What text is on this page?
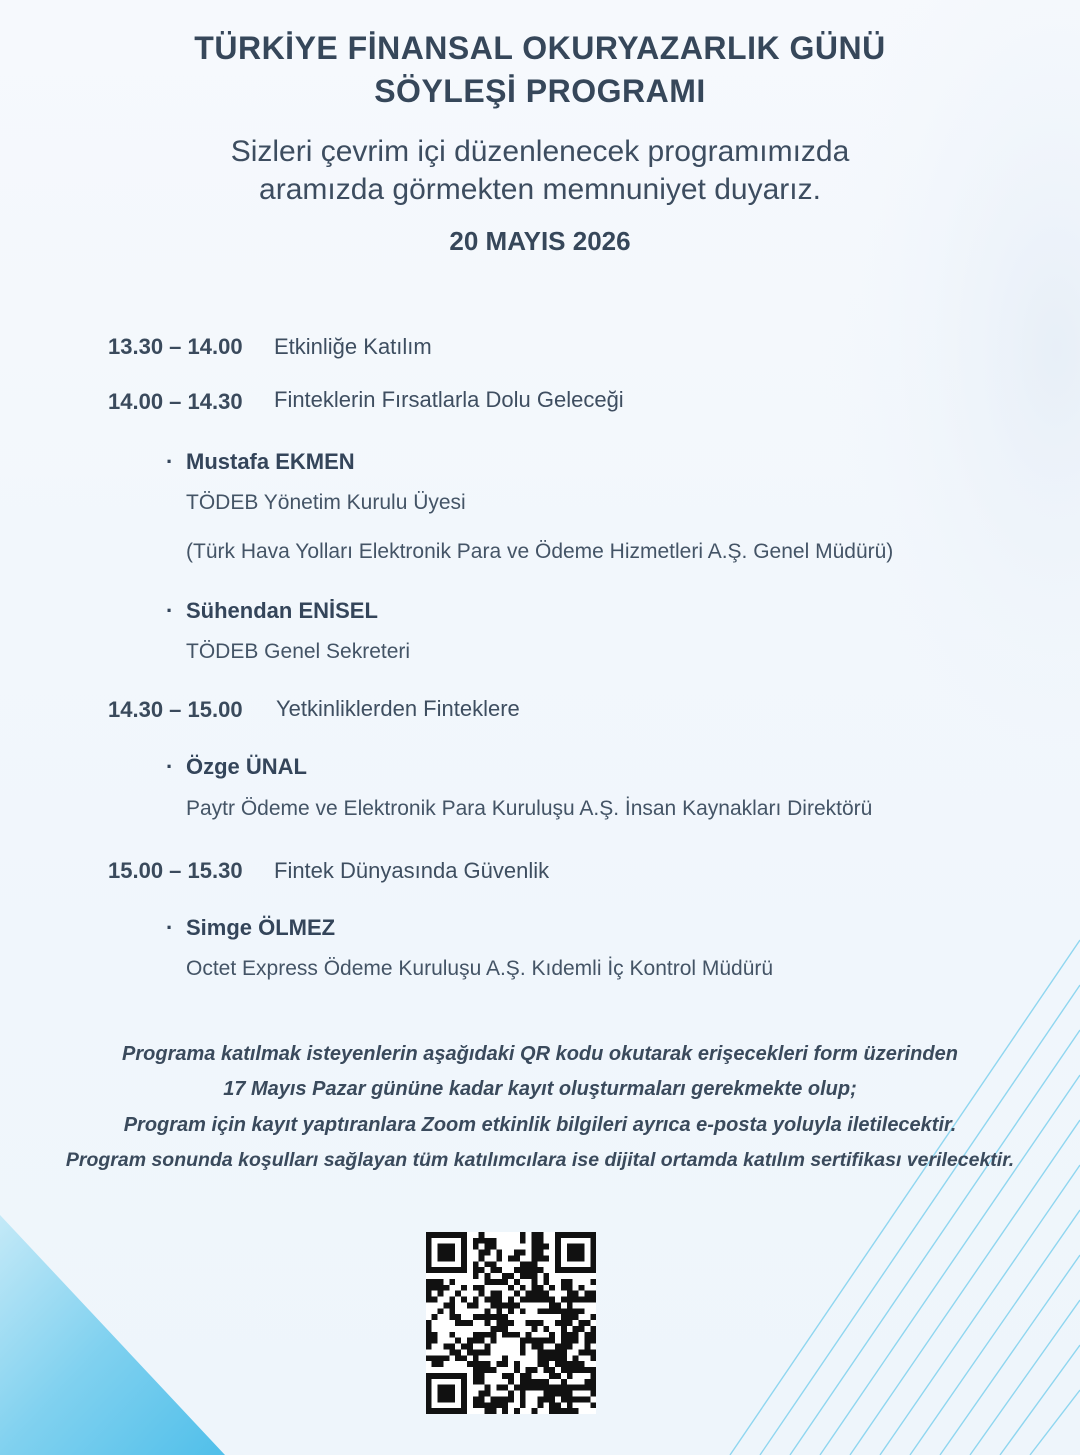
TÜRKİYE FİNANSAL OKURYAZARLIK GÜNÜ
SÖYLEŞİ PROGRAMI
Sizleri çevrim içi düzenlenecek programımızda
aramızda görmekten memnuniyet duyarız.
20 MAYIS 2026
13.30 – 14.00 Etkinliğe Katılım
14.00 – 14.30 Finteklerin Fırsatlarla Dolu Geleceği
· Mustafa EKMEN
TÖDEB Yönetim Kurulu Üyesi
(Türk Hava Yolları Elektronik Para ve Ödeme Hizmetleri A.Ş. Genel Müdürü)
· Sühendan ENİSEL
TÖDEB Genel Sekreteri
14.30 – 15.00 Yetkinliklerden Finteklere
· Özge ÜNAL
Paytr Ödeme ve Elektronik Para Kuruluşu A.Ş. İnsan Kaynakları Direktörü
15.00 – 15.30 Fintek Dünyasında Güvenlik
· Simge ÖLMEZ
Octet Express Ödeme Kuruluşu A.Ş. Kıdemli İç Kontrol Müdürü
Programa katılmak isteyenlerin aşağıdaki QR kodu okutarak erişecekleri form üzerinden
17 Mayıs Pazar gününe kadar kayıt oluşturmaları gerekmekte olup;
Program için kayıt yaptıranlara Zoom etkinlik bilgileri ayrıca e-posta yoluyla iletilecektir.
Program sonunda koşulları sağlayan tüm katılımcılara ise dijital ortamda katılım sertifikası verilecektir.
